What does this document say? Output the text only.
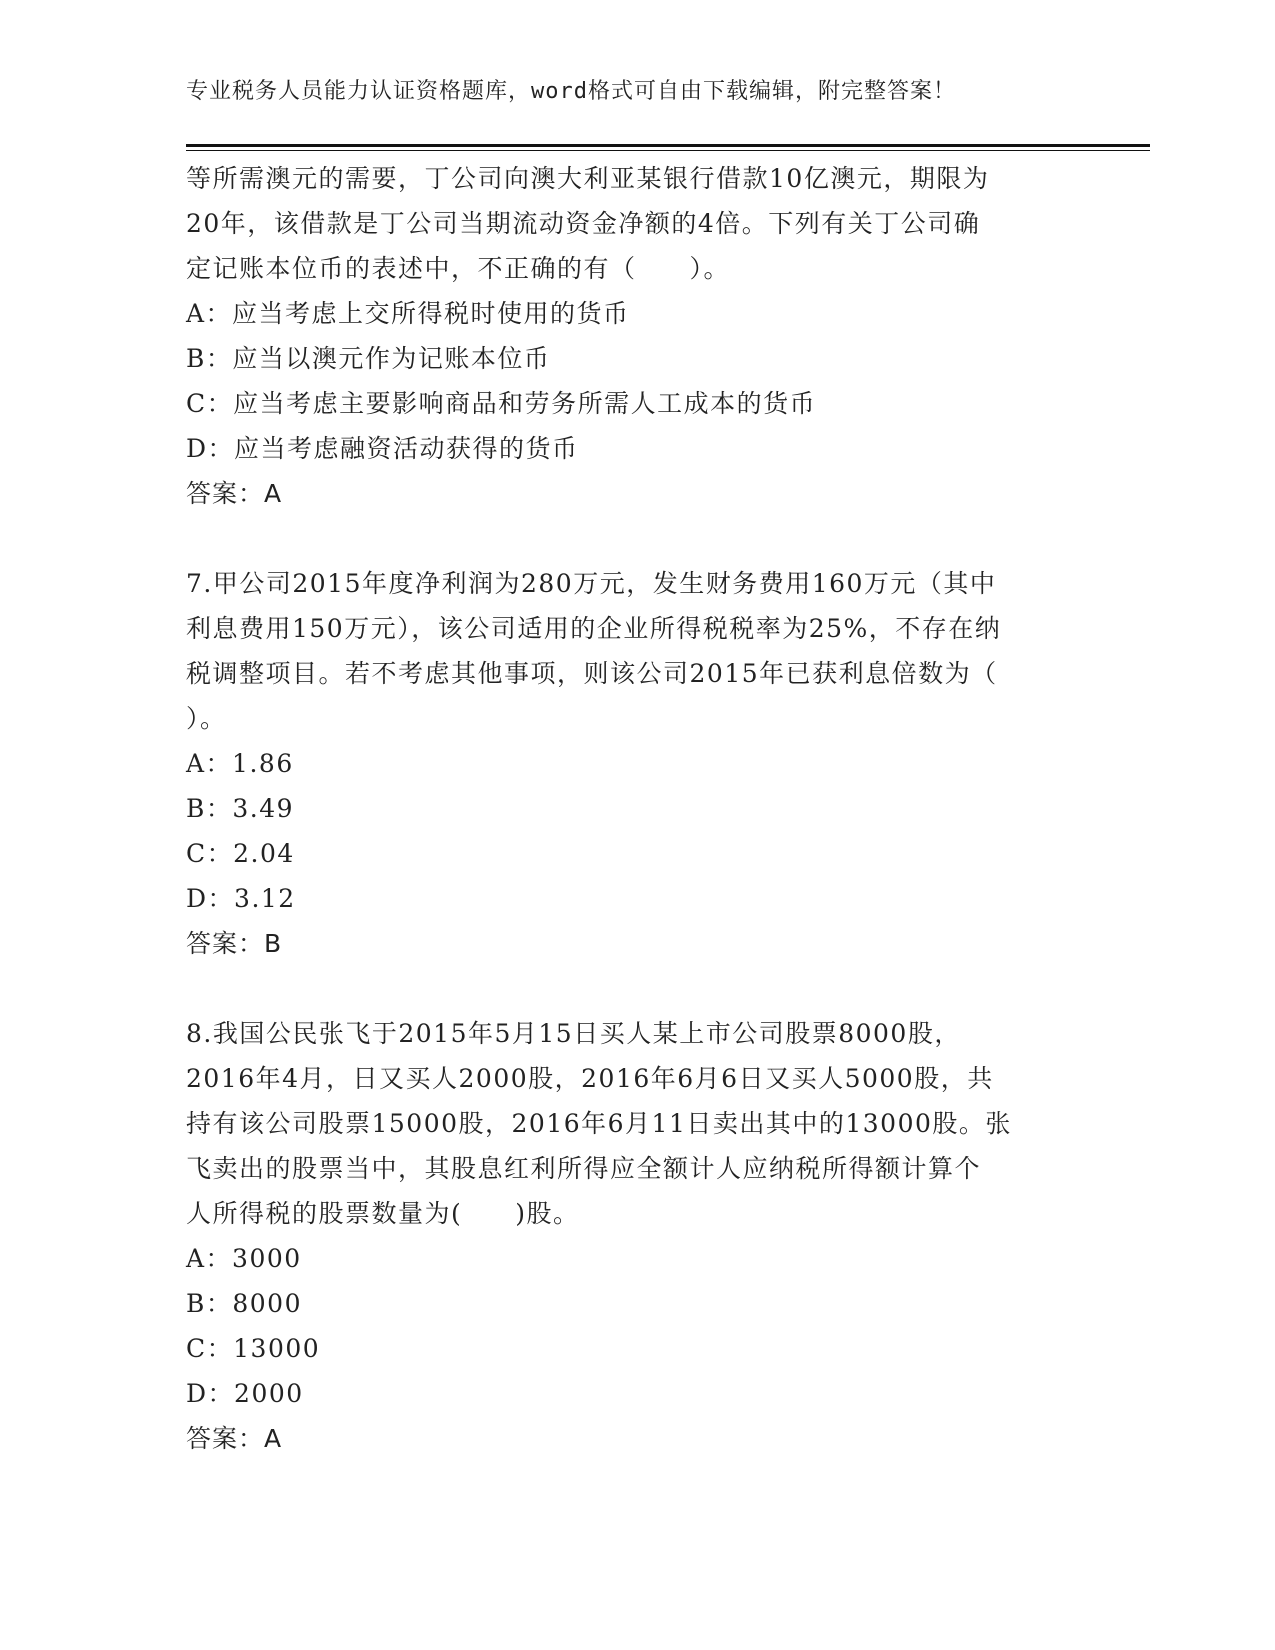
专业税务人员能力认证资格题库，word格式可自由下载编辑，附完整答案！
等所需澳元的需要，丁公司向澳大利亚某银行借款10亿澳元，期限为
20年，该借款是丁公司当期流动资金净额的4倍。下列有关丁公司确
定记账本位币的表述中，不正确的有（　　）。
A：应当考虑上交所得税时使用的货币
B：应当以澳元作为记账本位币
C：应当考虑主要影响商品和劳务所需人工成本的货币
D：应当考虑融资活动获得的货币
答案：A
7.甲公司2015年度净利润为280万元，发生财务费用160万元（其中
利息费用150万元），该公司适用的企业所得税税率为25%，不存在纳
税调整项目。若不考虑其他事项，则该公司2015年已获利息倍数为（
）。
A：1.86
B：3.49
C：2.04
D：3.12
答案：B
8.我国公民张飞于2015年5月15日买人某上市公司股票8000股，
2016年4月，日又买人2000股，2016年6月6日又买人5000股，共
持有该公司股票15000股，2016年6月11日卖出其中的13000股。张
飞卖出的股票当中，其股息红利所得应全额计人应纳税所得额计算个
人所得税的股票数量为(　　)股。
A：3000
B：8000
C：13000
D：2000
答案：A
